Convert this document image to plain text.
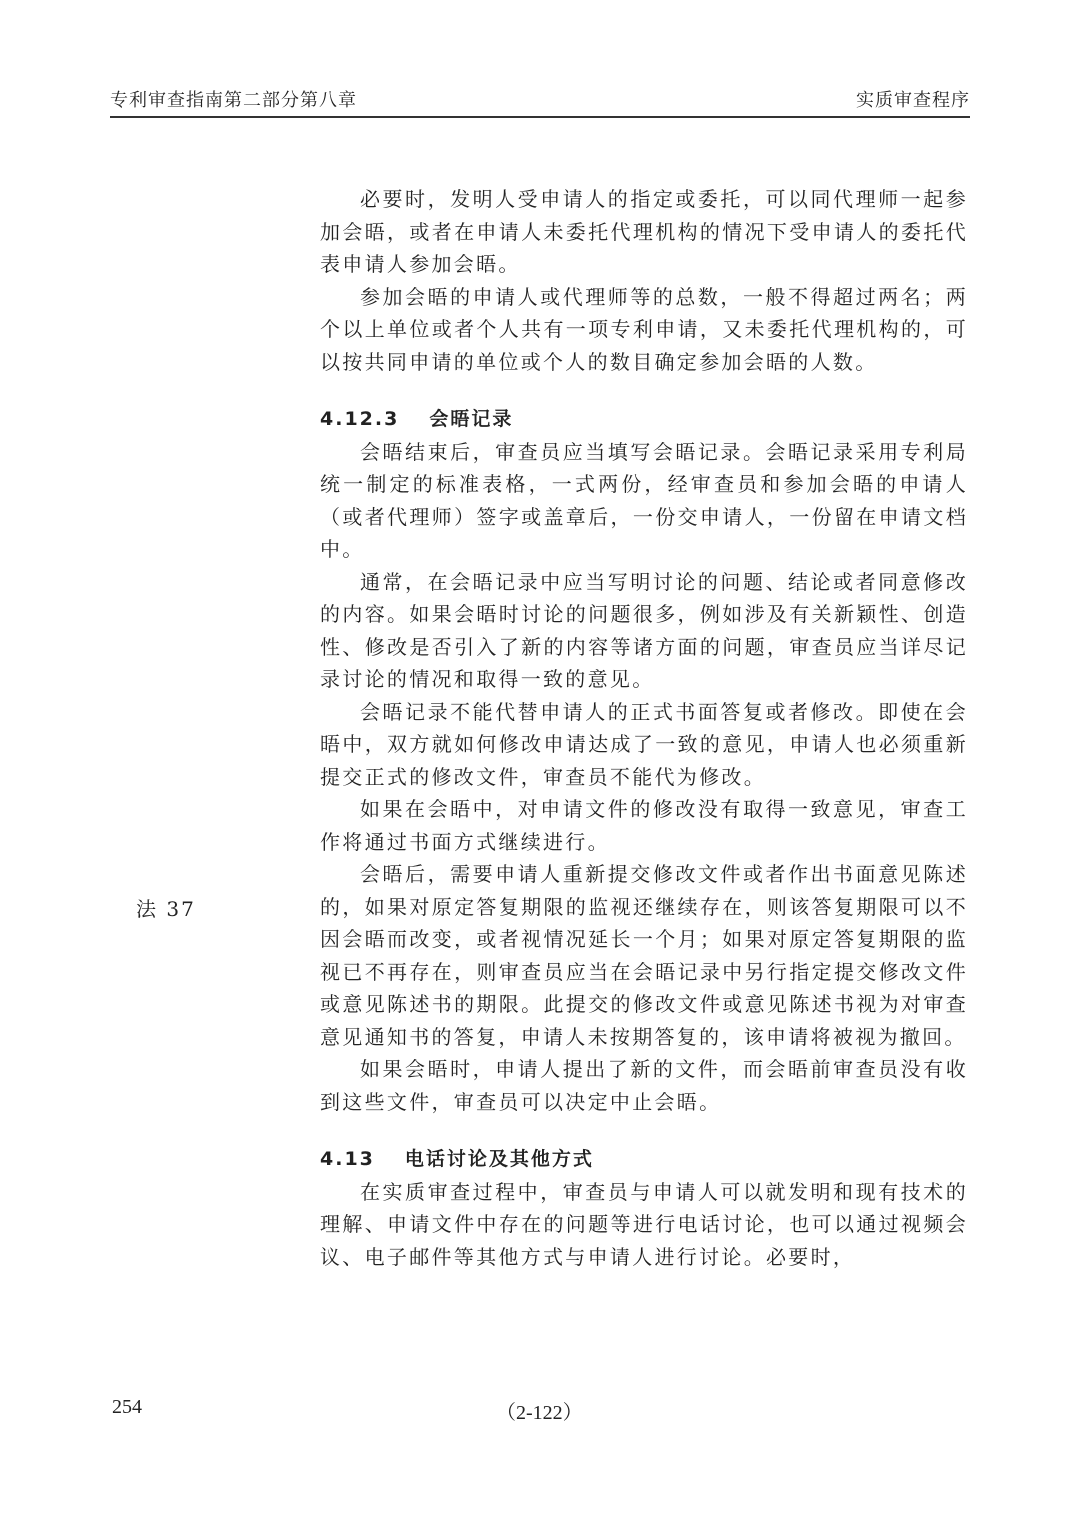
专利审查指南第二部分第八章	实质审查程序
法 37

必要时，发明人受申请人的指定或委托，可以同代理师一起参加会晤，或者在申请人未委托代理机构的情况下受申请人的委托代表申请人参加会晤。

参加会晤的申请人或代理师等的总数，一般不得超过两名；两个以上单位或者个人共有一项专利申请，又未委托代理机构的，可以按共同申请的单位或个人的数目确定参加会晤的人数。

4.12.3 会晤记录

会晤结束后，审查员应当填写会晤记录。会晤记录采用专利局统一制定的标准表格，一式两份，经审查员和参加会晤的申请人（或者代理师）签字或盖章后，一份交申请人，一份留在申请文档中。

通常，在会晤记录中应当写明讨论的问题、结论或者同意修改的内容。如果会晤时讨论的问题很多，例如涉及有关新颖性、创造性、修改是否引入了新的内容等诸方面的问题，审查员应当详尽记录讨论的情况和取得一致的意见。

会晤记录不能代替申请人的正式书面答复或者修改。即使在会晤中，双方就如何修改申请达成了一致的意见，申请人也必须重新提交正式的修改文件，审查员不能代为修改。

如果在会晤中，对申请文件的修改没有取得一致意见，审查工作将通过书面方式继续进行。

会晤后，需要申请人重新提交修改文件或者作出书面意见陈述的，如果对原定答复期限的监视还继续存在，则该答复期限可以不因会晤而改变，或者视情况延长一个月；如果对原定答复期限的监视已不再存在，则审查员应当在会晤记录中另行指定提交修改文件或意见陈述书的期限。此提交的修改文件或意见陈述书视为对审查意见通知书的答复，申请人未按期答复的，该申请将被视为撤回。

如果会晤时，申请人提出了新的文件，而会晤前审查员没有收到这些文件，审查员可以决定中止会晤。

4.13 电话讨论及其他方式

在实质审查过程中，审查员与申请人可以就发明和现有技术的理解、申请文件中存在的问题等进行电话讨论，也可以通过视频会议、电子邮件等其他方式与申请人进行讨论。必要时，

254	（2-122）
